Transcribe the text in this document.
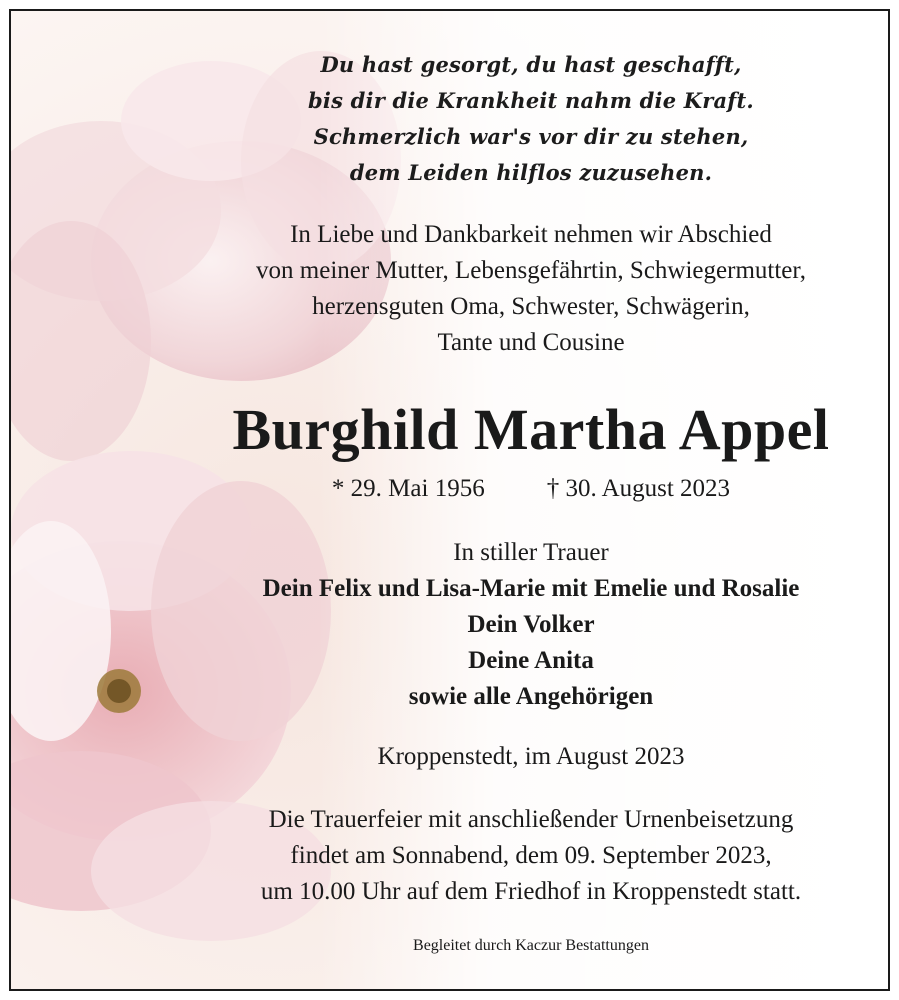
Du hast gesorgt, du hast geschafft,
bis dir die Krankheit nahm die Kraft.
Schmerzlich war's vor dir zu stehen,
dem Leiden hilflos zuzusehen.
In Liebe und Dankbarkeit nehmen wir Abschied
von meiner Mutter, Lebensgefährtin, Schwiegermutter,
herzensguten Oma, Schwester, Schwägerin,
Tante und Cousine
Burghild Martha Appel
* 29. Mai 1956 † 30. August 2023
In stiller Trauer
Dein Felix und Lisa-Marie mit Emelie und Rosalie
Dein Volker
Deine Anita
sowie alle Angehörigen
Kroppenstedt, im August 2023
Die Trauerfeier mit anschließender Urnenbeisetzung
findet am Sonnabend, dem 09. September 2023,
um 10.00 Uhr auf dem Friedhof in Kroppenstedt statt.
Begleitet durch Kaczur Bestattungen
